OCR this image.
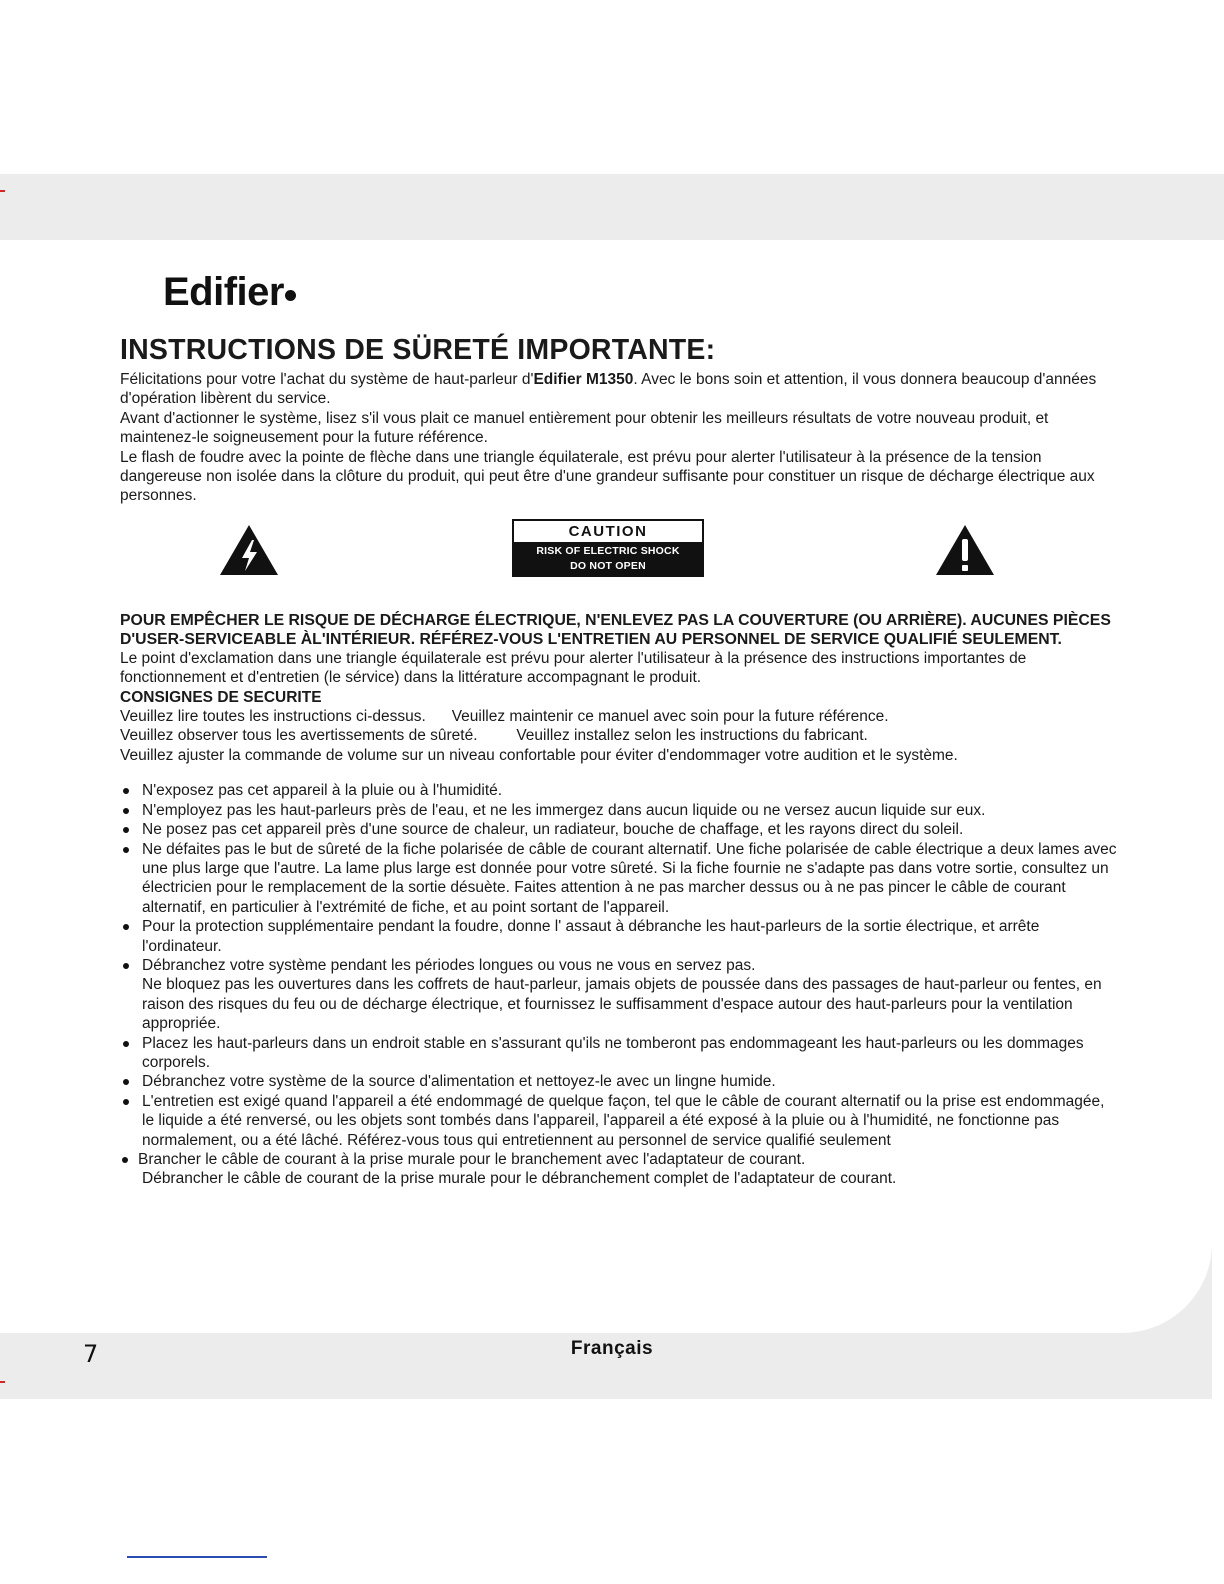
Edifier
INSTRUCTIONS DE SÜRETÉ IMPORTANTE:

Félicitations pour votre l'achat du système de haut-parleur d'Edifier M1350. Avec le bons soin et attention, il vous donnera beaucoup d'années d'opération libèrent du service.

Avant d'actionner le système, lisez s'il vous plait ce manuel entièrement pour obtenir les meilleurs résultats de votre nouveau produit, et maintenez-le soigneusement pour la future référence.

Le flash de foudre avec la pointe de flèche dans une triangle équilaterale, est prévu pour alerter l'utilisateur à la présence de la tension dangereuse non isolée dans la clôture du produit, qui peut être d'une grandeur suffisante pour constituer un risque de décharge électrique aux personnes.

CAUTION
RISK OF ELECTRIC SHOCK
DO NOT OPEN

POUR EMPÊCHER LE RISQUE DE DÉCHARGE ÉLECTRIQUE, N'ENLEVEZ PAS LA COUVERTURE (OU ARRIÈRE). AUCUNES PIÈCES D'USER-SERVICEABLE ÀL'INTÉRIEUR. RÉFÉREZ-VOUS L'ENTRETIEN AU PERSONNEL DE SERVICE QUALIFIÉ SEULEMENT.

Le point d'exclamation dans une triangle équilaterale est prévu pour alerter l'utilisateur à la présence des instructions importantes de fonctionnement et d'entretien (le sérvice) dans la littérature accompagnant le produit.

CONSIGNES DE SECURITE

Veuillez lire toutes les instructions ci-dessus. Veuillez maintenir ce manuel avec soin pour la future référence.

Veuillez observer tous les avertissements de sûreté.	Veuillez installez selon les instructions du fabricant.

Veuillez ajuster la commande de volume sur un niveau confortable pour éviter d'endommager votre audition et le système.

N'exposez pas cet appareil à la pluie ou à l'humidité.
N'employez pas les haut-parleurs près de l'eau, et ne les immergez dans aucun liquide ou ne versez aucun liquide sur eux.
Ne posez pas cet appareil près d'une source de chaleur, un radiateur, bouche de chaffage, et les rayons direct du soleil.
Ne défaites pas le but de sûreté de la fiche polarisée de câble de courant alternatif. Une fiche polarisée de cable électrique a deux lames avec une plus large que l'autre. La lame plus large est donnée pour votre sûreté. Si la fiche fournie ne s'adapte pas dans votre sortie, consultez un électricien pour le remplacement de la sortie désuète. Faites attention à ne pas marcher dessus ou à ne pas pincer le câble de courant alternatif, en particulier à l'extrémité de fiche, et au point sortant de l'appareil.
Pour la protection supplémentaire pendant la foudre, donne l' assaut à débranche les haut-parleurs de la sortie électrique, et arrête l'ordinateur.
Débranchez votre système pendant les périodes longues ou vous ne vous en servez pas.
Ne bloquez pas les ouvertures dans les coffrets de haut-parleur, jamais objets de poussée dans des passages de haut-parleur ou fentes, en raison des risques du feu ou de décharge électrique, et fournissez le suffisamment d'espace autour des haut-parleurs pour la ventilation appropriée.
Placez les haut-parleurs dans un endroit stable en s'assurant qu'ils ne tomberont pas endommageant les haut-parleurs ou les dommages corporels.
Débranchez votre système de la source d'alimentation et nettoyez-le avec un lingne humide.
L'entretien est exigé quand l'appareil a été endommagé de quelque façon, tel que le câble de courant alternatif ou la prise est endommagée, le liquide a été renversé, ou les objets sont tombés dans l'appareil, l'appareil a été exposé à la pluie ou à l'humidité, ne fonctionne pas normalement, ou a été lâché. Référez-vous tous qui entretiennent au personnel de service qualifié seulement
Brancher le câble de courant à la prise murale pour le branchement avec l'adaptateur de courant.
Débrancher le câble de courant de la prise murale pour le débranchement complet de l'adaptateur de courant.
7	Français
